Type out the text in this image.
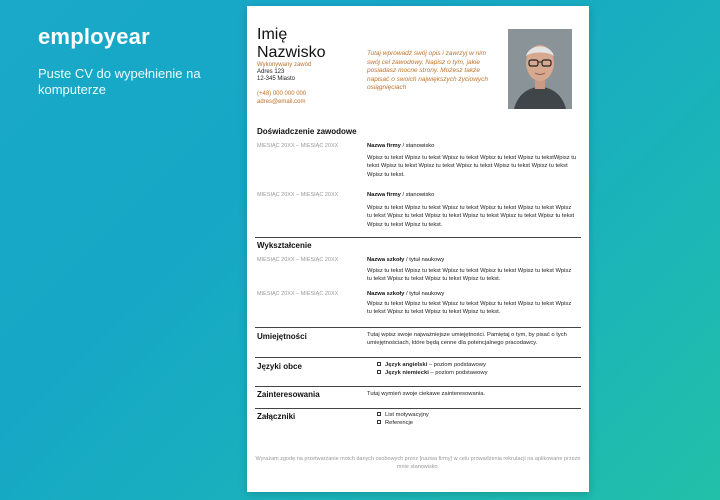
employear
Puste CV do wypełnienie na komputerze
Imię
Nazwisko
Wykonywany zawód
Adres 123
12-345 Miasto
(+48) 000 000 000
adres@email.com
Tutaj wprowadź swój opis i zawrzyj w nim swój cel zawodowy. Napisz o tym, jakie posiadasz mocne strony. Możesz także napisać o swoich największych życiowych osiągnięciach
Doświadczenie zawodowe
MIESIĄC 20XX – MIESIĄC 20XX	Nazwa firmy / stanowisko
Wpisz tu tekst Wpisz tu tekst Wpisz tu tekst Wpisz tu tekst Wpisz tu tekstWpisz tu tekst Wpisz tu tekst Wpisz tu tekst Wpisz tu tekst Wpisz tu tekst Wpisz tu tekst Wpisz tu tekst.
MIESIĄC 20XX – MIESIĄC 20XX	Nazwa firmy / stanowisko
Wpisz tu tekst Wpisz tu tekst Wpisz tu tekst Wpisz tu tekst Wpisz tu tekst Wpisz tu tekst Wpisz tu tekst Wpisz tu tekst Wpisz tu tekst Wpisz tu tekst Wpisz tu tekst Wpisz tu tekst Wpisz tu tekst.
Wykształcenie
MIESIĄC 20XX – MIESIĄC 20XX	Nazwa szkoły / tytuł naukowy
Wpisz tu tekst Wpisz tu tekst Wpisz tu tekst Wpisz tu tekst Wpisz tu tekst Wpisz tu tekst Wpisz tu tekst Wpisz tu tekst Wpisz tu tekst.
MIESIĄC 20XX – MIESIĄC 20XX	Nazwa szkoły / tytuł naukowy
Wpisz tu tekst Wpisz tu tekst Wpisz tu tekst Wpisz tu tekst Wpisz tu tekst Wpisz tu tekst Wpisz tu tekst Wpisz tu tekst Wpisz tu tekst.
Umiejętności	Tutaj wpisz swoje najważniejsze umiejętności. Pamiętaj o tym, by pisać o tych umiejętnościach, które będą cenne dla potencjalnego pracodawcy.
Języki obce	Język angielski – poziom podstawowy
Język niemiecki – poziom podstawowy
Zainteresowania	Tutaj wymień swoje ciekawe zainteresowania.
Załączniki	List motywacyjny
Referencje
Wyrażam zgodę na przetwarzanie moich danych osobowych przez [nazwa firmy] w celu prowadzenia rekrutacji na aplikowane przeze mnie stanowisko.
